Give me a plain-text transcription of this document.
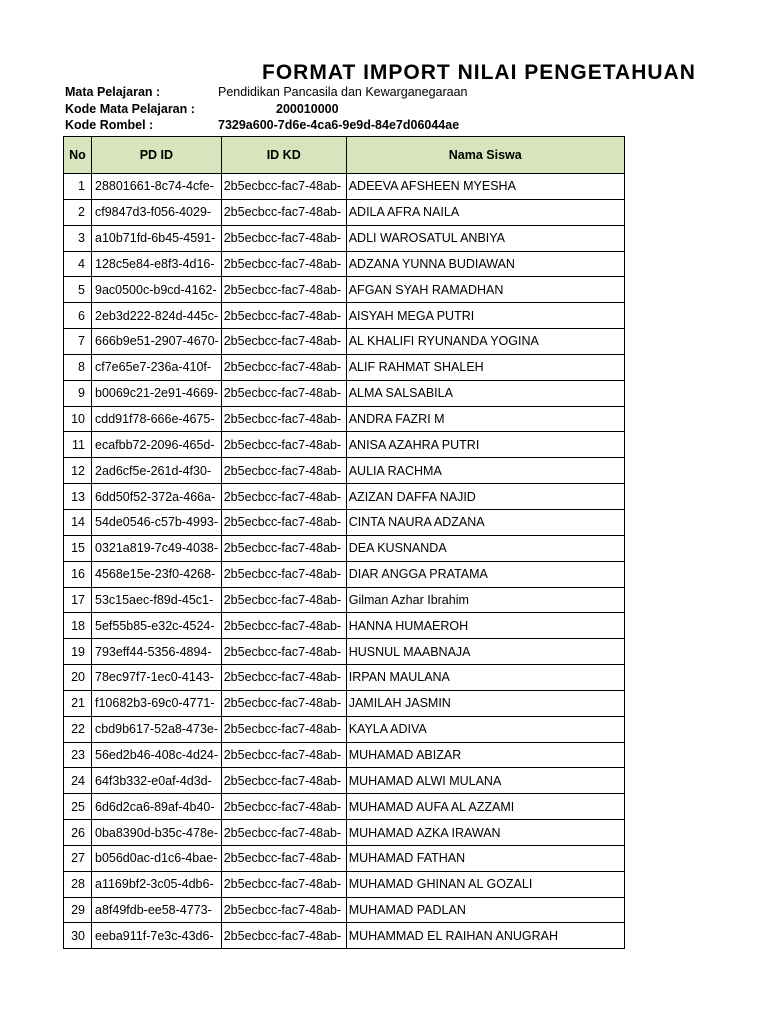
FORMAT IMPORT NILAI PENGETAHUAN
Mata Pelajaran :	Pendidikan Pancasila dan Kewarganegaraan
Kode Mata Pelajaran :	200010000
Kode Rombel :	7329a600-7d6e-4ca6-9e9d-84e7d06044ae
No	PD ID	ID KD	Nama Siswa
1	28801661-8c74-4cfe-	2b5ecbcc-fac7-48ab-	ADEEVA AFSHEEN MYESHA
2	cf9847d3-f056-4029-	2b5ecbcc-fac7-48ab-	ADILA AFRA NAILA
3	a10b71fd-6b45-4591-	2b5ecbcc-fac7-48ab-	ADLI WAROSATUL ANBIYA
4	128c5e84-e8f3-4d16-	2b5ecbcc-fac7-48ab-	ADZANA YUNNA BUDIAWAN
5	9ac0500c-b9cd-4162-	2b5ecbcc-fac7-48ab-	AFGAN SYAH RAMADHAN
6	2eb3d222-824d-445c-	2b5ecbcc-fac7-48ab-	AISYAH MEGA PUTRI
7	666b9e51-2907-4670-	2b5ecbcc-fac7-48ab-	AL KHALIFI RYUNANDA YOGINA
8	cf7e65e7-236a-410f-	2b5ecbcc-fac7-48ab-	ALIF RAHMAT SHALEH
9	b0069c21-2e91-4669-	2b5ecbcc-fac7-48ab-	ALMA SALSABILA
10	cdd91f78-666e-4675-	2b5ecbcc-fac7-48ab-	ANDRA FAZRI M
11	ecafbb72-2096-465d-	2b5ecbcc-fac7-48ab-	ANISA AZAHRA PUTRI
12	2ad6cf5e-261d-4f30-	2b5ecbcc-fac7-48ab-	AULIA RACHMA
13	6dd50f52-372a-466a-	2b5ecbcc-fac7-48ab-	AZIZAN DAFFA NAJID
14	54de0546-c57b-4993-	2b5ecbcc-fac7-48ab-	CINTA NAURA ADZANA
15	0321a819-7c49-4038-	2b5ecbcc-fac7-48ab-	DEA KUSNANDA
16	4568e15e-23f0-4268-	2b5ecbcc-fac7-48ab-	DIAR ANGGA PRATAMA
17	53c15aec-f89d-45c1-	2b5ecbcc-fac7-48ab-	Gilman Azhar Ibrahim
18	5ef55b85-e32c-4524-	2b5ecbcc-fac7-48ab-	HANNA HUMAEROH
19	793eff44-5356-4894-	2b5ecbcc-fac7-48ab-	HUSNUL MAABNAJA
20	78ec97f7-1ec0-4143-	2b5ecbcc-fac7-48ab-	IRPAN MAULANA
21	f10682b3-69c0-4771-	2b5ecbcc-fac7-48ab-	JAMILAH JASMIN
22	cbd9b617-52a8-473e-	2b5ecbcc-fac7-48ab-	KAYLA ADIVA
23	56ed2b46-408c-4d24-	2b5ecbcc-fac7-48ab-	MUHAMAD ABIZAR
24	64f3b332-e0af-4d3d-	2b5ecbcc-fac7-48ab-	MUHAMAD ALWI MULANA
25	6d6d2ca6-89af-4b40-	2b5ecbcc-fac7-48ab-	MUHAMAD AUFA AL AZZAMI
26	0ba8390d-b35c-478e-	2b5ecbcc-fac7-48ab-	MUHAMAD AZKA IRAWAN
27	b056d0ac-d1c6-4bae-	2b5ecbcc-fac7-48ab-	MUHAMAD FATHAN
28	a1169bf2-3c05-4db6-	2b5ecbcc-fac7-48ab-	MUHAMAD GHINAN AL GOZALI
29	a8f49fdb-ee58-4773-	2b5ecbcc-fac7-48ab-	MUHAMAD PADLAN
30	eeba911f-7e3c-43d6-	2b5ecbcc-fac7-48ab-	MUHAMMAD EL RAIHAN ANUGRAH
